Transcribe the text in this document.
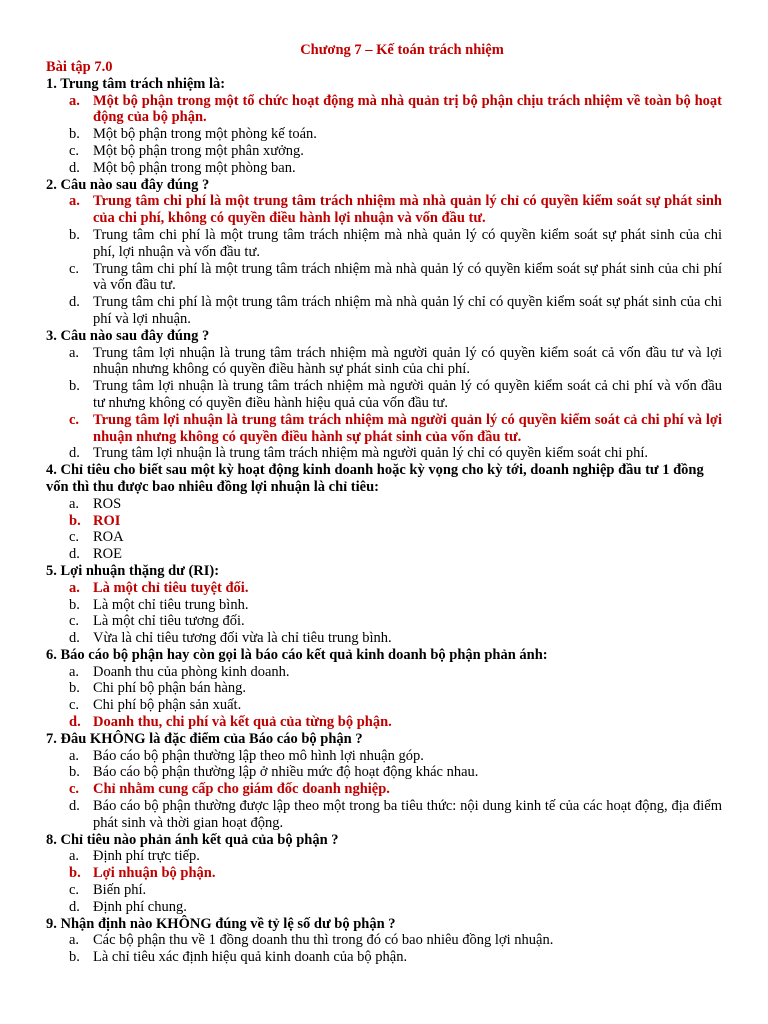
Chương 7 – Kế toán trách nhiệm
Bài tập 7.0
1. Trung tâm trách nhiệm là:
a. Một bộ phận trong một tổ chức hoạt động mà nhà quản trị bộ phận chịu trách nhiệm về toàn bộ hoạt động của bộ phận.
b. Một bộ phận trong một phòng kế toán.
c. Một bộ phận trong một phân xưởng.
d. Một bộ phận trong một phòng ban.
2. Câu nào sau đây đúng ?
a. Trung tâm chi phí là một trung tâm trách nhiệm mà nhà quản lý chỉ có quyền kiểm soát sự phát sinh của chi phí, không có quyền điều hành lợi nhuận và vốn đầu tư.
b. Trung tâm chi phí là một trung tâm trách nhiệm mà nhà quản lý có quyền kiểm soát sự phát sinh của chi phí, lợi nhuận và vốn đầu tư.
c. Trung tâm chi phí là một trung tâm trách nhiệm mà nhà quản lý có quyền kiểm soát sự phát sinh của chi phí và vốn đầu tư.
d. Trung tâm chi phí là một trung tâm trách nhiệm mà nhà quản lý chỉ có quyền kiểm soát sự phát sinh của chi phí và lợi nhuận.
3. Câu nào sau đây đúng ?
a. Trung tâm lợi nhuận là trung tâm trách nhiệm mà người quản lý có quyền kiểm soát cả vốn đầu tư và lợi nhuận nhưng không có quyền điều hành sự phát sinh của chi phí.
b. Trung tâm lợi nhuận là trung tâm trách nhiệm mà người quản lý có quyền kiểm soát cả chi phí và vốn đầu tư nhưng không có quyền điều hành hiệu quả của vốn đầu tư.
c. Trung tâm lợi nhuận là trung tâm trách nhiệm mà người quản lý có quyền kiểm soát cả chi phí và lợi nhuận nhưng không có quyền điều hành sự phát sinh của vốn đầu tư.
d. Trung tâm lợi nhuận là trung tâm trách nhiệm mà người quản lý chỉ có quyền kiểm soát chi phí.
4. Chỉ tiêu cho biết sau một kỳ hoạt động kinh doanh hoặc kỳ vọng cho kỳ tới, doanh nghiệp đầu tư 1 đồng vốn thì thu được bao nhiêu đồng lợi nhuận là chỉ tiêu:
a. ROS
b. ROI
c. ROA
d. ROE
5. Lợi nhuận thặng dư (RI):
a. Là một chỉ tiêu tuyệt đối.
b. Là một chỉ tiêu trung bình.
c. Là một chỉ tiêu tương đối.
d. Vừa là chỉ tiêu tương đối vừa là chỉ tiêu trung bình.
6. Báo cáo bộ phận hay còn gọi là báo cáo kết quả kinh doanh bộ phận phản ánh:
a. Doanh thu của phòng kinh doanh.
b. Chi phí bộ phận bán hàng.
c. Chi phí bộ phận sản xuất.
d. Doanh thu, chi phí và kết quả của từng bộ phận.
7. Đâu KHÔNG là đặc điểm của Báo cáo bộ phận ?
a. Báo cáo bộ phận thường lập theo mô hình lợi nhuận góp.
b. Báo cáo bộ phận thường lập ở nhiều mức độ hoạt động khác nhau.
c. Chỉ nhằm cung cấp cho giám đốc doanh nghiệp.
d. Báo cáo bộ phận thường được lập theo một trong ba tiêu thức: nội dung kinh tế của các hoạt động, địa điểm phát sinh và thời gian hoạt động.
8. Chỉ tiêu nào phản ánh kết quả của bộ phận ?
a. Định phí trực tiếp.
b. Lợi nhuận bộ phận.
c. Biến phí.
d. Định phí chung.
9. Nhận định nào KHÔNG đúng về tỷ lệ số dư bộ phận ?
a. Các bộ phận thu về 1 đồng doanh thu thì trong đó có bao nhiêu đồng lợi nhuận.
b. Là chỉ tiêu xác định hiệu quả kinh doanh của bộ phận.
